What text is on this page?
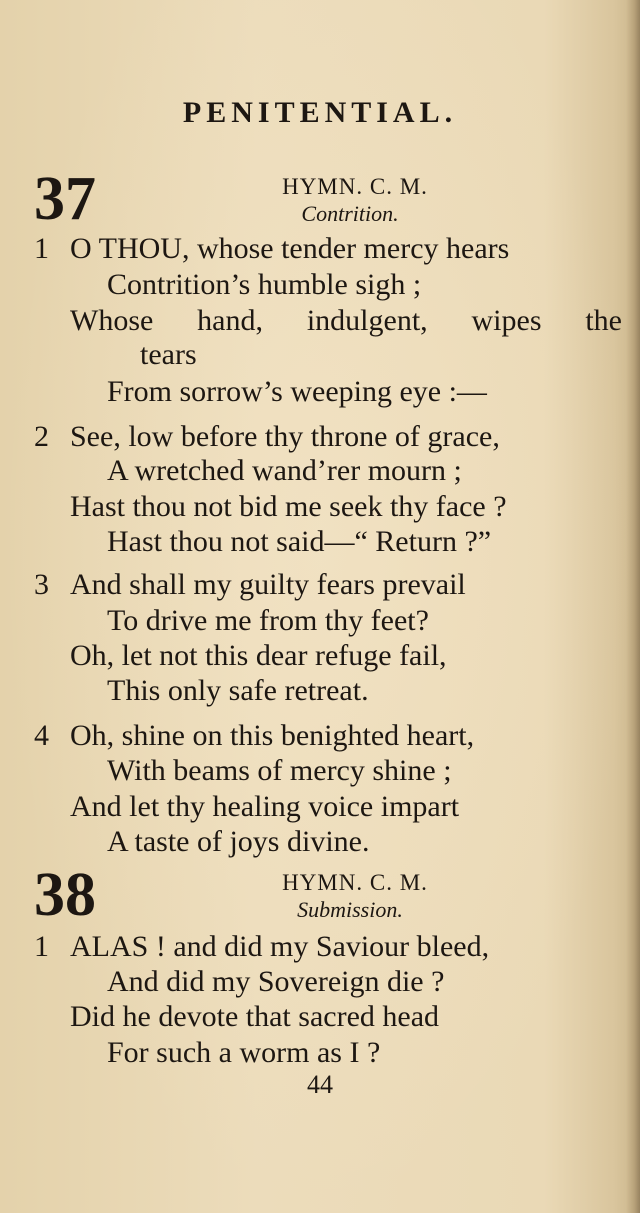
PENITENTIAL.
37	HYMN. C. M.
Contrition.
1 O THOU, whose tender mercy hears
Contrition’s humble sigh ;
Whose hand, indulgent, wipes the
tears
From sorrow’s weeping eye :—
2 See, low before thy throne of grace,
A wretched wand’rer mourn ;
Hast thou not bid me seek thy face ?
Hast thou not said—“ Return ?”
3 And shall my guilty fears prevail
To drive me from thy feet?
Oh, let not this dear refuge fail,
This only safe retreat.
4 Oh, shine on this benighted heart,
With beams of mercy shine ;
And let thy healing voice impart
A taste of joys divine.
38	HYMN. C. M.
Submission.
1 ALAS ! and did my Saviour bleed,
And did my Sovereign die ?
Did he devote that sacred head
For such a worm as I ?
44
